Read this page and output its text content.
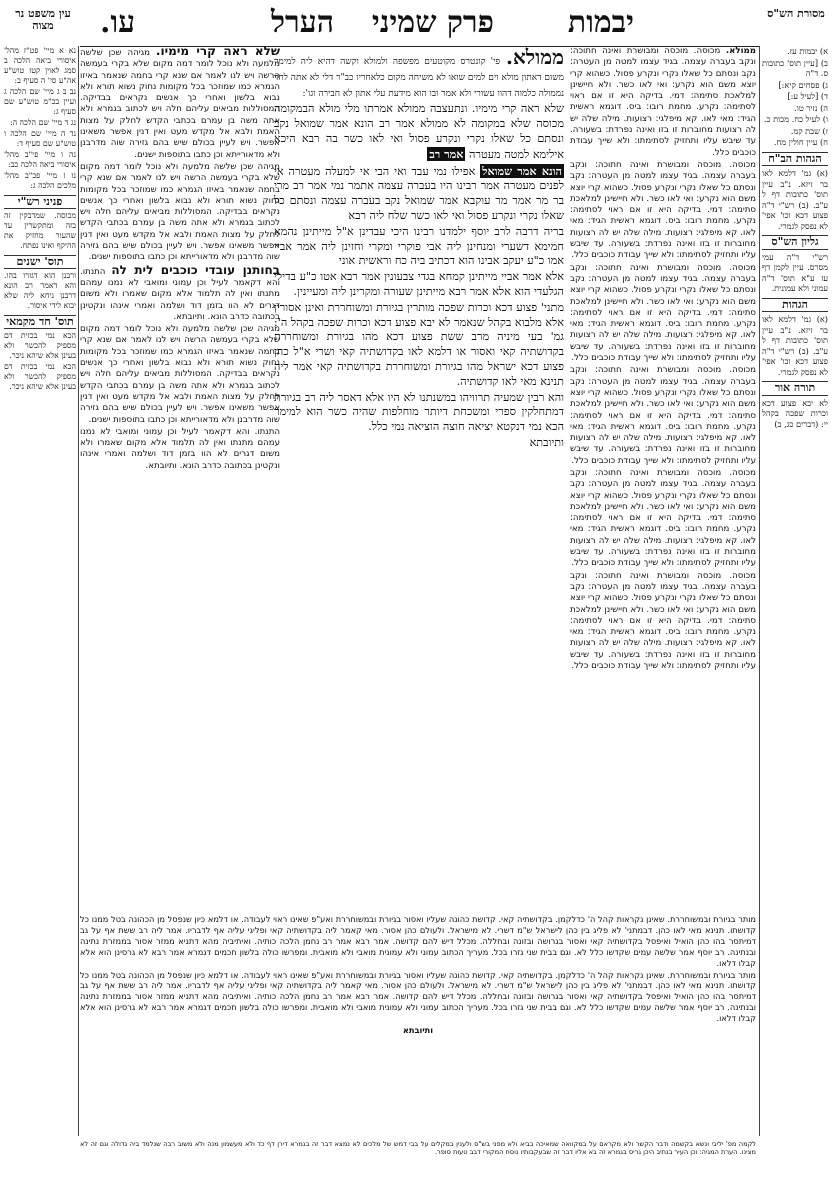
מסורת הש"ס
הערל פרק שמיני יבמות
עו.
עין משפט נר מצוה

א) יבמות עז.

ב) [עיין תוס' כתובות ס. ד"ה

ג) פסחים קיא:]

ד) [לעיל ע:]

ה) נזיר טו.

ו) לעיל כח. מכות כ.

ז) שבת קמ.

ח) עיין חולין מח.

הגהות הב"ח

(א) גמ' דלמא לאו בר זיזא. נ"ב עיין תוס' כתובות דף ל ע"ב. (ב) רש"י ד"ה פצוע דכא וכו' אפי' לא נפסק לגמרי.

גליון הש"ס

רש"י ד"ה עמי מסרס. עיין לקמן דף עז ע"א תוס' ד"ה עמוני ולא עמונית.

הגהות

(א) גמ' דלמא לאו בר זיזא. נ"ב עיין תוס' כתובות דף ל ע"ב. (ב) רש"י ד"ה פצוע דכא וכו' אפי' לא נפסק לגמרי.

תורה אור

לא יבא פצוע דכא וכרות שפכה בקהל יי: (דברים כג, ב)

ממולא. מכוסה. מוכסה ומבושרת ואינה חתוכה: ונקב בעברה עצמה. בגיד עצמו למטה מן העטרה: נקב ונסתם כל שאלו נקרי ונקרע פסול. כשהוא קרי יוצא משם הוא נקרע: ואי לאו כשר. ולא חיישינן למלאכת סתימה: דמי. בדיקה היא זו אם ראוי לסתימה: נקרע. מחמת רובו: ביס. דוגמא ראשית הגיד: מאי לאו. קא מיפלגי: רצועות. מילה שלה יש לה רצועות מחוברות זו בזו ואינה נפרדת: בשעורה. עד שיבש עליו ותחזיק לסתימתו: ולא שייך עבודת כוכבים כלל.

מכוסה. מוכסה ומבושרת ואינה חתוכה: ונקב בעברה עצמה. בגיד עצמו למטה מן העטרה: נקב ונסתם כל שאלו נקרי ונקרע פסול. כשהוא קרי יוצא משם הוא נקרע: ואי לאו כשר. ולא חיישינן למלאכת סתימה: דמי. בדיקה היא זו אם ראוי לסתימה: נקרע. מחמת רובו: ביס. דוגמא ראשית הגיד: מאי לאו. קא מיפלגי: רצועות. מילה שלה יש לה רצועות מחוברות זו בזו ואינה נפרדת: בשעורה. עד שיבש עליו ותחזיק לסתימתו: ולא שייך עבודת כוכבים כלל.

מכוסה. מוכסה ומבושרת ואינה חתוכה: ונקב בעברה עצמה. בגיד עצמו למטה מן העטרה: נקב ונסתם כל שאלו נקרי ונקרע פסול. כשהוא קרי יוצא משם הוא נקרע: ואי לאו כשר. ולא חיישינן למלאכת סתימה: דמי. בדיקה היא זו אם ראוי לסתימה: נקרע. מחמת רובו: ביס. דוגמא ראשית הגיד: מאי לאו. קא מיפלגי: רצועות. מילה שלה יש לה רצועות מחוברות זו בזו ואינה נפרדת: בשעורה. עד שיבש עליו ותחזיק לסתימתו: ולא שייך עבודת כוכבים כלל.

מכוסה. מוכסה ומבושרת ואינה חתוכה: ונקב בעברה עצמה. בגיד עצמו למטה מן העטרה: נקב ונסתם כל שאלו נקרי ונקרע פסול. כשהוא קרי יוצא משם הוא נקרע: ואי לאו כשר. ולא חיישינן למלאכת סתימה: דמי. בדיקה היא זו אם ראוי לסתימה: נקרע. מחמת רובו: ביס. דוגמא ראשית הגיד: מאי לאו. קא מיפלגי: רצועות. מילה שלה יש לה רצועות מחוברות זו בזו ואינה נפרדת: בשעורה. עד שיבש עליו ותחזיק לסתימתו: ולא שייך עבודת כוכבים כלל.

מכוסה. מוכסה ומבושרת ואינה חתוכה: ונקב בעברה עצמה. בגיד עצמו למטה מן העטרה: נקב ונסתם כל שאלו נקרי ונקרע פסול. כשהוא קרי יוצא משם הוא נקרע: ואי לאו כשר. ולא חיישינן למלאכת סתימה: דמי. בדיקה היא זו אם ראוי לסתימה: נקרע. מחמת רובו: ביס. דוגמא ראשית הגיד: מאי לאו. קא מיפלגי: רצועות. מילה שלה יש לה רצועות מחוברות זו בזו ואינה נפרדת: בשעורה. עד שיבש עליו ותחזיק לסתימתו: ולא שייך עבודת כוכבים כלל.

מכוסה. מוכסה ומבושרת ואינה חתוכה: ונקב בעברה עצמה. בגיד עצמו למטה מן העטרה: נקב ונסתם כל שאלו נקרי ונקרע פסול. כשהוא קרי יוצא משם הוא נקרע: ואי לאו כשר. ולא חיישינן למלאכת סתימה: דמי. בדיקה היא זו אם ראוי לסתימה: נקרע. מחמת רובו: ביס. דוגמא ראשית הגיד: מאי לאו. קא מיפלגי: רצועות. מילה שלה יש לה רצועות מחוברות זו בזו ואינה נפרדת: בשעורה. עד שיבש עליו ותחזיק לסתימתו: ולא שייך עבודת כוכבים כלל.

ממולא. פי' קונטרס מקוטעים מפשפה ולמולא וקשה דהיא ליה למימר משום דאתון מולא וים למים שואו לא משיחה מקום כלאחריו כב"ר דלי לא אתה לחד נממולה כלמוה דהוו עשורי ולא אמר ובו הוא מידעת עלי אתון לא חבירה וגו':

שלא ראה קרי מימיו. ונתעצבה ממולא אמרתו מלי מולא הבמקומה מכוסה שלא במקומה לא ממולא אמר רב הונא אמר שמואל נקב ונסתם כל שאלו נקרי ונקרע פסול ואי לאו כשר בה רבא היכא אילימא למטה מעטרה אמר רב

הונא אמר שמואל אפילו נמי עבד ואי הבי אי למעלה מעטרה אי לפנים מעטרה אמר רבינו היו בעברה עצמה אתמר נמי אמר רב מרי בר מר אמר מר עוקבא אמר שמואל נקב בעברה עצמה ונסתם כל שאלו נקרי ונקרע פסול ואי לאו כשר שלח ליה רבא

בריה דרבה לרב יוסף ילמדנו רבינו היכי עבדינן א"ל מייתינן נהמא חמימא דשערי ומנחינן ליה אבי פוקרי ומקרי וחזינן ליה אמר אביי אמו כ"ע יעקב אבינו הוא דכתיב ביה כח וראשית אוני

אלא אמר אביי מייתינן קמחא בגדי צבעונין אמר רבא אטו כ"ע בדילי הגלעדי הוא אלא אמר רבא מייתינן שעורה ומקרינן ליה ומעיינין.

מתני' פצוע דכא וכרות שפכה מותרין בגיורת ומשוחררת ואינן אסורין אלא מלבוא בקהל שנאמר לא יבא פצוע דכא וכרות שפכה בקהל ה': גמ' בעי מיניה מרב ששת פצוע דכא מהו בגיורת ומשוחררת בקדושתיה קאי ואסור או דלמא לאו בקדושתיה קאי ושרי א"ל כהן פצוע דכא ישראל מהו בגיורת ומשוחררת בקדושתיה קאי אמר ליה תנינא מאי לאו קדושתיה.

והא רבין שמעיה תרוויהו במשנתנו לא היו אלא דאסר ליה רב בגיורת דמתחלקין ספרי ומשכחת דיותר מוחלפות שהיה כשר הוא למימר הכא נמי דנקטא יציאה חוצה הוציאה נמי כלל.

ותיובתא

שלא ראה קרי מימיו. מגיהה שכן שלשה מלמעה ולא נוכל לומר דמה מקום שלא בקרי בעמשה הרשה ויש לנו לאמר אם שנא קרי בחמה שנאמר באיזו הגמרא כמו שמוזכר בכל מקומות נחוק נשוא תורא ולא נבוא בלשון ואחרי כך אנשים נקראים בבדיקה. המסוללות מביאים עליהם חלה ויש לכתוב בגמרא ולא אתה משה בן עמרם בכתבי הקדש לחלק על מצות האמת ולבא אל מקדש מעט ואין דנין אפשר משאינו אפשר. ויש לעיין בכולם שיש בהם גזירה שוה מדרבנן ולא מדאורייתא וכן כתבו בתוספות ישנים.

מגיהה שכן שלשה מלמעה ולא נוכל לומר דמה מקום שלא בקרי בעמשה הרשה ויש לנו לאמר אם שנא קרי בחמה שנאמר באיזו הגמרא כמו שמוזכר בכל מקומות נחוק נשוא תורא ולא נבוא בלשון ואחרי כך אנשים נקראים בבדיקה. המסוללות מביאים עליהם חלה ויש לכתוב בגמרא ולא אתה משה בן עמרם בכתבי הקדש לחלק על מצות האמת ולבא אל מקדש מעט ואין דנין אפשר משאינו אפשר. ויש לעיין בכולם שיש בהם גזירה שוה מדרבנן ולא מדאורייתא וכן כתבו בתוספות ישנים.

בחותנן עובדי כוכבים לית לה התנתו. והא דקאמר לעיל וכן עמוני ומואבי לא נמנו עמהם מתנתו ואין לה תלמוד אלא מקום שאמרו ולא משום דגרים לא הוו בזמן דוד ושלמה ואמרי אינהו ונקטינן בכתובה כדרב הונא. ותיובתא.

מגיהה שכן שלשה מלמעה ולא נוכל לומר דמה מקום שלא בקרי בעמשה הרשה ויש לנו לאמר אם שנא קרי בחמה שנאמר באיזו הגמרא כמו שמוזכר בכל מקומות נחוק נשוא תורא ולא נבוא בלשון ואחרי כך אנשים נקראים בבדיקה. המסוללות מביאים עליהם חלה ויש לכתוב בגמרא ולא אתה משה בן עמרם בכתבי הקדש לחלק על מצות האמת ולבא אל מקדש מעט ואין דנין אפשר משאינו אפשר. ויש לעיין בכולם שיש בהם גזירה שוה מדרבנן ולא מדאורייתא וכן כתבו בתוספות ישנים.

התנתו. והא דקאמר לעיל וכן עמוני ומואבי לא נמנו עמהם מתנתו ואין לה תלמוד אלא מקום שאמרו ולא משום דגרים לא הוו בזמן דוד ושלמה ואמרי אינהו ונקטינן בכתובה כדרב הונא. ותיובתא.

נא א מיי' פט"ז מהל' איסורי ביאה הלכה ב סמג לאוין קטז טוש"ע אה"ע סי' ה סעיף ב:

נב ב ג מיי' שם הלכה ג ועיין בכ"מ טוש"ע שם סעיף ג:

נג ד מיי' שם הלכה ה:

נד ה מיי' שם הלכה ו טוש"ע שם סעיף ד:

נה ו מיי' פי"ב מהל' איסורי ביאה הלכה כב:

נו ז מיי' פכ"ב מהל' מלכים הלכה ג:

פניני רש"י

מכוסה. שמדבקין זה בזה ומתקשרין עד שהעור מחזיק את ההיקף ואינו נפתח.

תוס' ישנים

ורבנן הוא דגזרו בהו. והא דאמר רב הונא דרבנן ניחא ליה שלא יבוא לידי איסור.

תוס' חד מקמאי

הכא נמי בכזית דם מספיק להכשר ולא בעינן אלא שיהא ניכר.

הכא נמי בכזית דם מספיק להכשר ולא בעינן אלא שיהא ניכר.

מותר בגיורת ובמשוחררת. שאינן נקראות קהל ה' כדלקמן. בקדושתיה קאי. קדושת כהונה שעליו ואסור בגיורת ובמשוחררת ואע"פ שאינו ראוי לעבודה. או דלמא כיון שנפסל מן הכהונה בטל ממנו כל קדושתו. תנינא מאי לאו כהן. דבמתני' לא פליג בין כהן לישראל ש"מ דשרי. לא מישראל. ולעולם כהן אסור. מאי קאמר ליה בקדושתיה קאי ופליגי עליה אף לדבריו. אמר ליה רב ששת אף על גב דמיתסר בהו כהן הואיל ואיפסל בקדושתיה קאי ואסור בגרושה ובזונה ובחללה. מכלל דיש להם קדושה. אמר רבא אמר רב נחמן הלכה כותיה. ואיתיביה מהא דתניא ממזר אסור בממזרת נתינה ובנתינה. רב יוסף אמר שלשה עמים שקדשו כלל לא. וגם בבית שני גזרו בכל. מעריך הכתוב עמוני ולא עמונית מואבי ולא מואבית. ומפרשו כולה בלשון חכמים דגמרא אמר רבא לא גרסינן הוא אלא קבלו דלאו.

מותר בגיורת ובמשוחררת. שאינן נקראות קהל ה' כדלקמן. בקדושתיה קאי. קדושת כהונה שעליו ואסור בגיורת ובמשוחררת ואע"פ שאינו ראוי לעבודה. או דלמא כיון שנפסל מן הכהונה בטל ממנו כל קדושתו. תנינא מאי לאו כהן. דבמתני' לא פליג בין כהן לישראל ש"מ דשרי. לא מישראל. ולעולם כהן אסור. מאי קאמר ליה בקדושתיה קאי ופליגי עליה אף לדבריו. אמר ליה רב ששת אף על גב דמיתסר בהו כהן הואיל ואיפסל בקדושתיה קאי ואסור בגרושה ובזונה ובחללה. מכלל דיש להם קדושה. אמר רבא אמר רב נחמן הלכה כותיה. ואיתיביה מהא דתניא ממזר אסור בממזרת נתינה ובנתינה. רב יוסף אמר שלשה עמים שקדשו כלל לא. וגם בבית שני גזרו בכל. מעריך הכתוב עמוני ולא עמונית מואבי ולא מואבית. ומפרשו כולה בלשון חכמים דגמרא אמר רבא לא גרסינן הוא אלא קבלו דלאו.

ותיובתא

לקמה מפ' יליבי ונשא בקשמה ודבר הקשר ולא מקראם על במקוואה שמאיכה בביא ולא מפני בש"ס ולענין במקלים על בבי דמש של מלכים לא נמצא דבר זה בגמרא דירן דף כד ולא מעשמון מנה ולא משוב רבה שנלמד ביה גדולה וגם זה לא מצינו. הערת המגיה: וכן העיר בנתיב היכן גריס בגמרא זה בא אליו דבר זה שבעקבותיו נוסח המקורי דבב טעות סופר.
